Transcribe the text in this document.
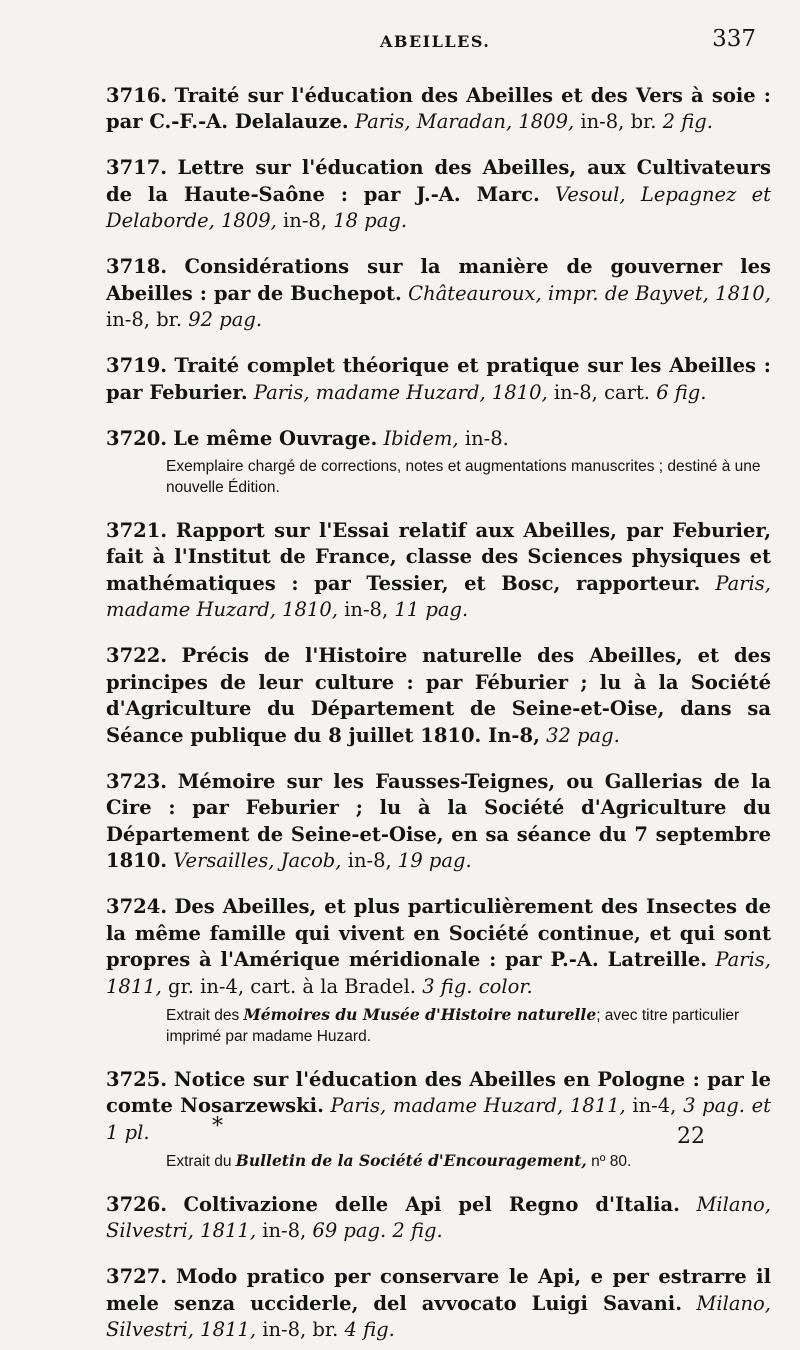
ABEILLES.	337

3716. Traité sur l'éducation des Abeilles et des Vers à soie : par C.-F.-A. Delalauze. Paris, Maradan, 1809, in-8, br. 2 fig.

3717. Lettre sur l'éducation des Abeilles, aux Cultivateurs de la Haute-Saône : par J.-A. Marc. Vesoul, Lepagnez et Delaborde, 1809, in-8, 18 pag.

3718. Considérations sur la manière de gouverner les Abeilles : par de Buchepot. Châteauroux, impr. de Bayvet, 1810, in-8, br. 92 pag.

3719. Traité complet théorique et pratique sur les Abeilles : par Feburier. Paris, madame Huzard, 1810, in-8, cart. 6 fig.

3720. Le même Ouvrage. Ibidem, in-8.

Exemplaire chargé de corrections, notes et augmentations manuscrites ; destiné à une nouvelle Édition.

3721. Rapport sur l'Essai relatif aux Abeilles, par Feburier, fait à l'Institut de France, classe des Sciences physiques et mathématiques : par Tessier, et Bosc, rapporteur. Paris, madame Huzard, 1810, in-8, 11 pag.

3722. Précis de l'Histoire naturelle des Abeilles, et des principes de leur culture : par Féburier ; lu à la Société d'Agriculture du Département de Seine-et-Oise, dans sa Séance publique du 8 juillet 1810. In-8, 32 pag.

3723. Mémoire sur les Fausses-Teignes, ou Gallerias de la Cire : par Feburier ; lu à la Société d'Agriculture du Département de Seine-et-Oise, en sa séance du 7 septembre 1810. Versailles, Jacob, in-8, 19 pag.

3724. Des Abeilles, et plus particulièrement des Insectes de la même famille qui vivent en Société continue, et qui sont propres à l'Amérique méridionale : par P.-A. Latreille. Paris, 1811, gr. in-4, cart. à la Bradel. 3 fig. color.

Extrait des Mémoires du Musée d'Histoire naturelle; avec titre particulier imprimé par madame Huzard.

3725. Notice sur l'éducation des Abeilles en Pologne : par le comte Nosarzewski. Paris, madame Huzard, 1811, in-4, 3 pag. et 1 pl.

Extrait du Bulletin de la Société d'Encouragement, nº 80.

3726. Coltivazione delle Api pel Regno d'Italia. Milano, Silvestri, 1811, in-8, 69 pag. 2 fig.

3727. Modo pratico per conservare le Api, e per estrarre il mele senza ucciderle, del avvocato Luigi Savani. Milano, Silvestri, 1811, in-8, br. 4 fig.

*	22
